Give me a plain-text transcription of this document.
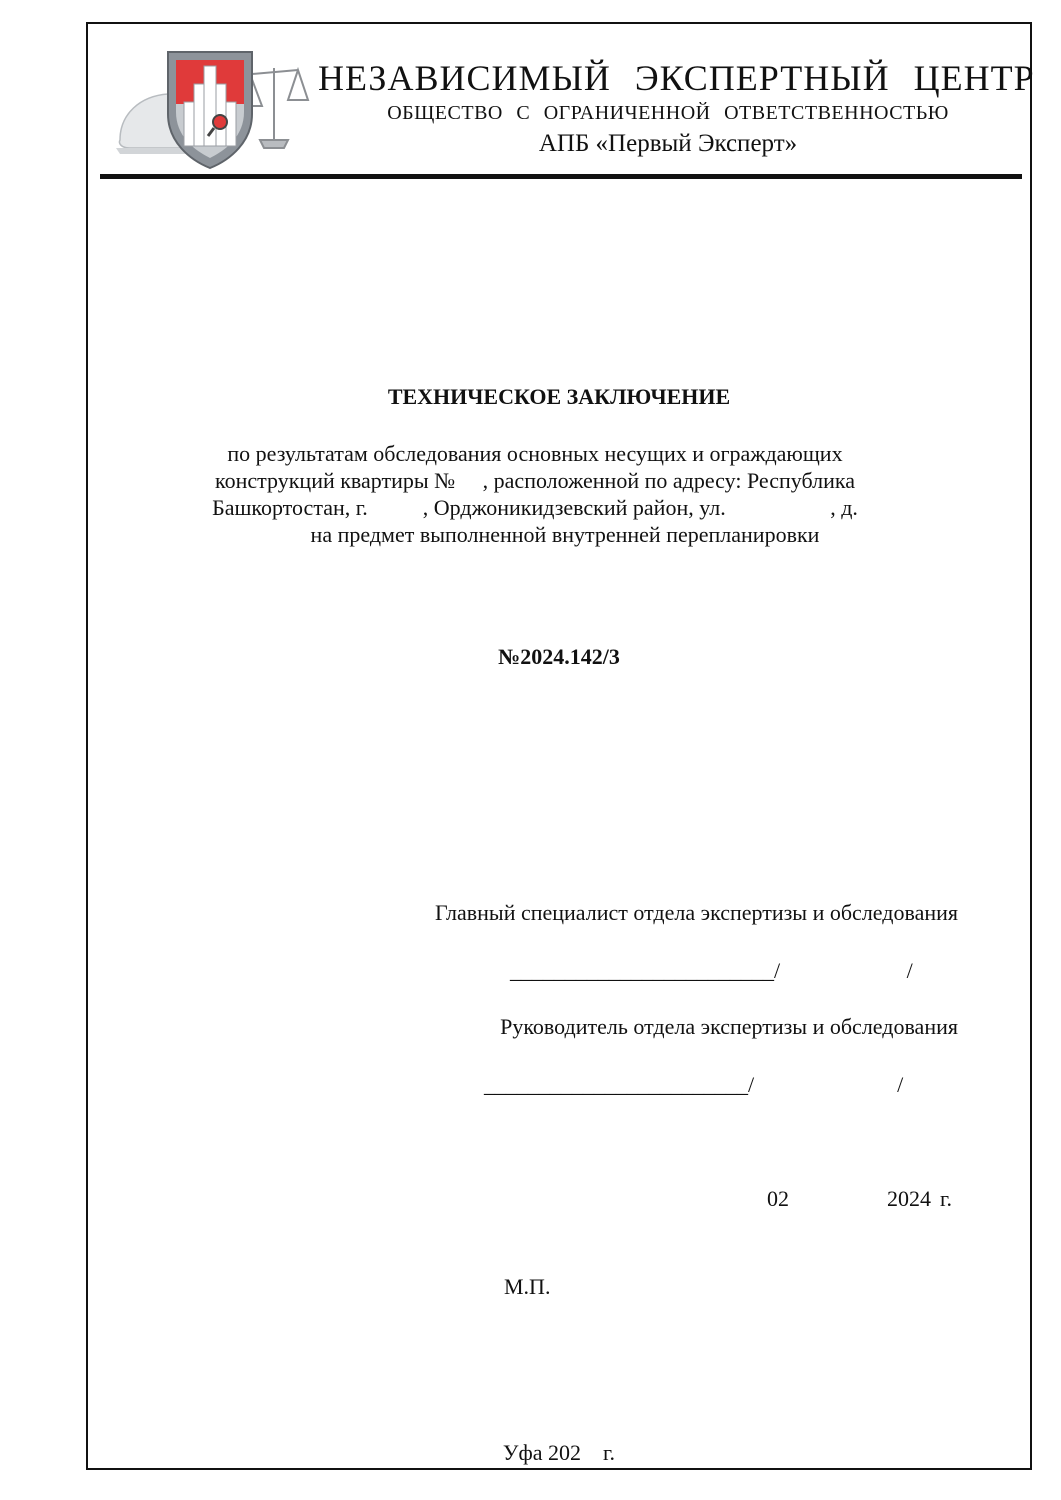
НЕЗАВИСИМЫЙ ЭКСПЕРТНЫЙ ЦЕНТР
ОБЩЕСТВО С ОГРАНИЧЕННОЙ ОТВЕТСТВЕННОСТЬЮ
АПБ «Первый Эксперт»
ТЕХНИЧЕСКОЕ ЗАКЛЮЧЕНИЕ
по результатам обследования основных несущих и ограждающих
конструкций квартиры №     , расположенной по адресу: Республика
Башкортостан, г.          , Орджоникидзевский район, ул.                   , д.
на предмет выполненной внутренней перепланировки
№2024.142/3
Главный специалист отдела экспертизы и обследования
________________________/                       /
Руководитель отдела экспертизы и обследования
________________________/                          /
02	2024 г.
М.П.
Уфа 202    г.
